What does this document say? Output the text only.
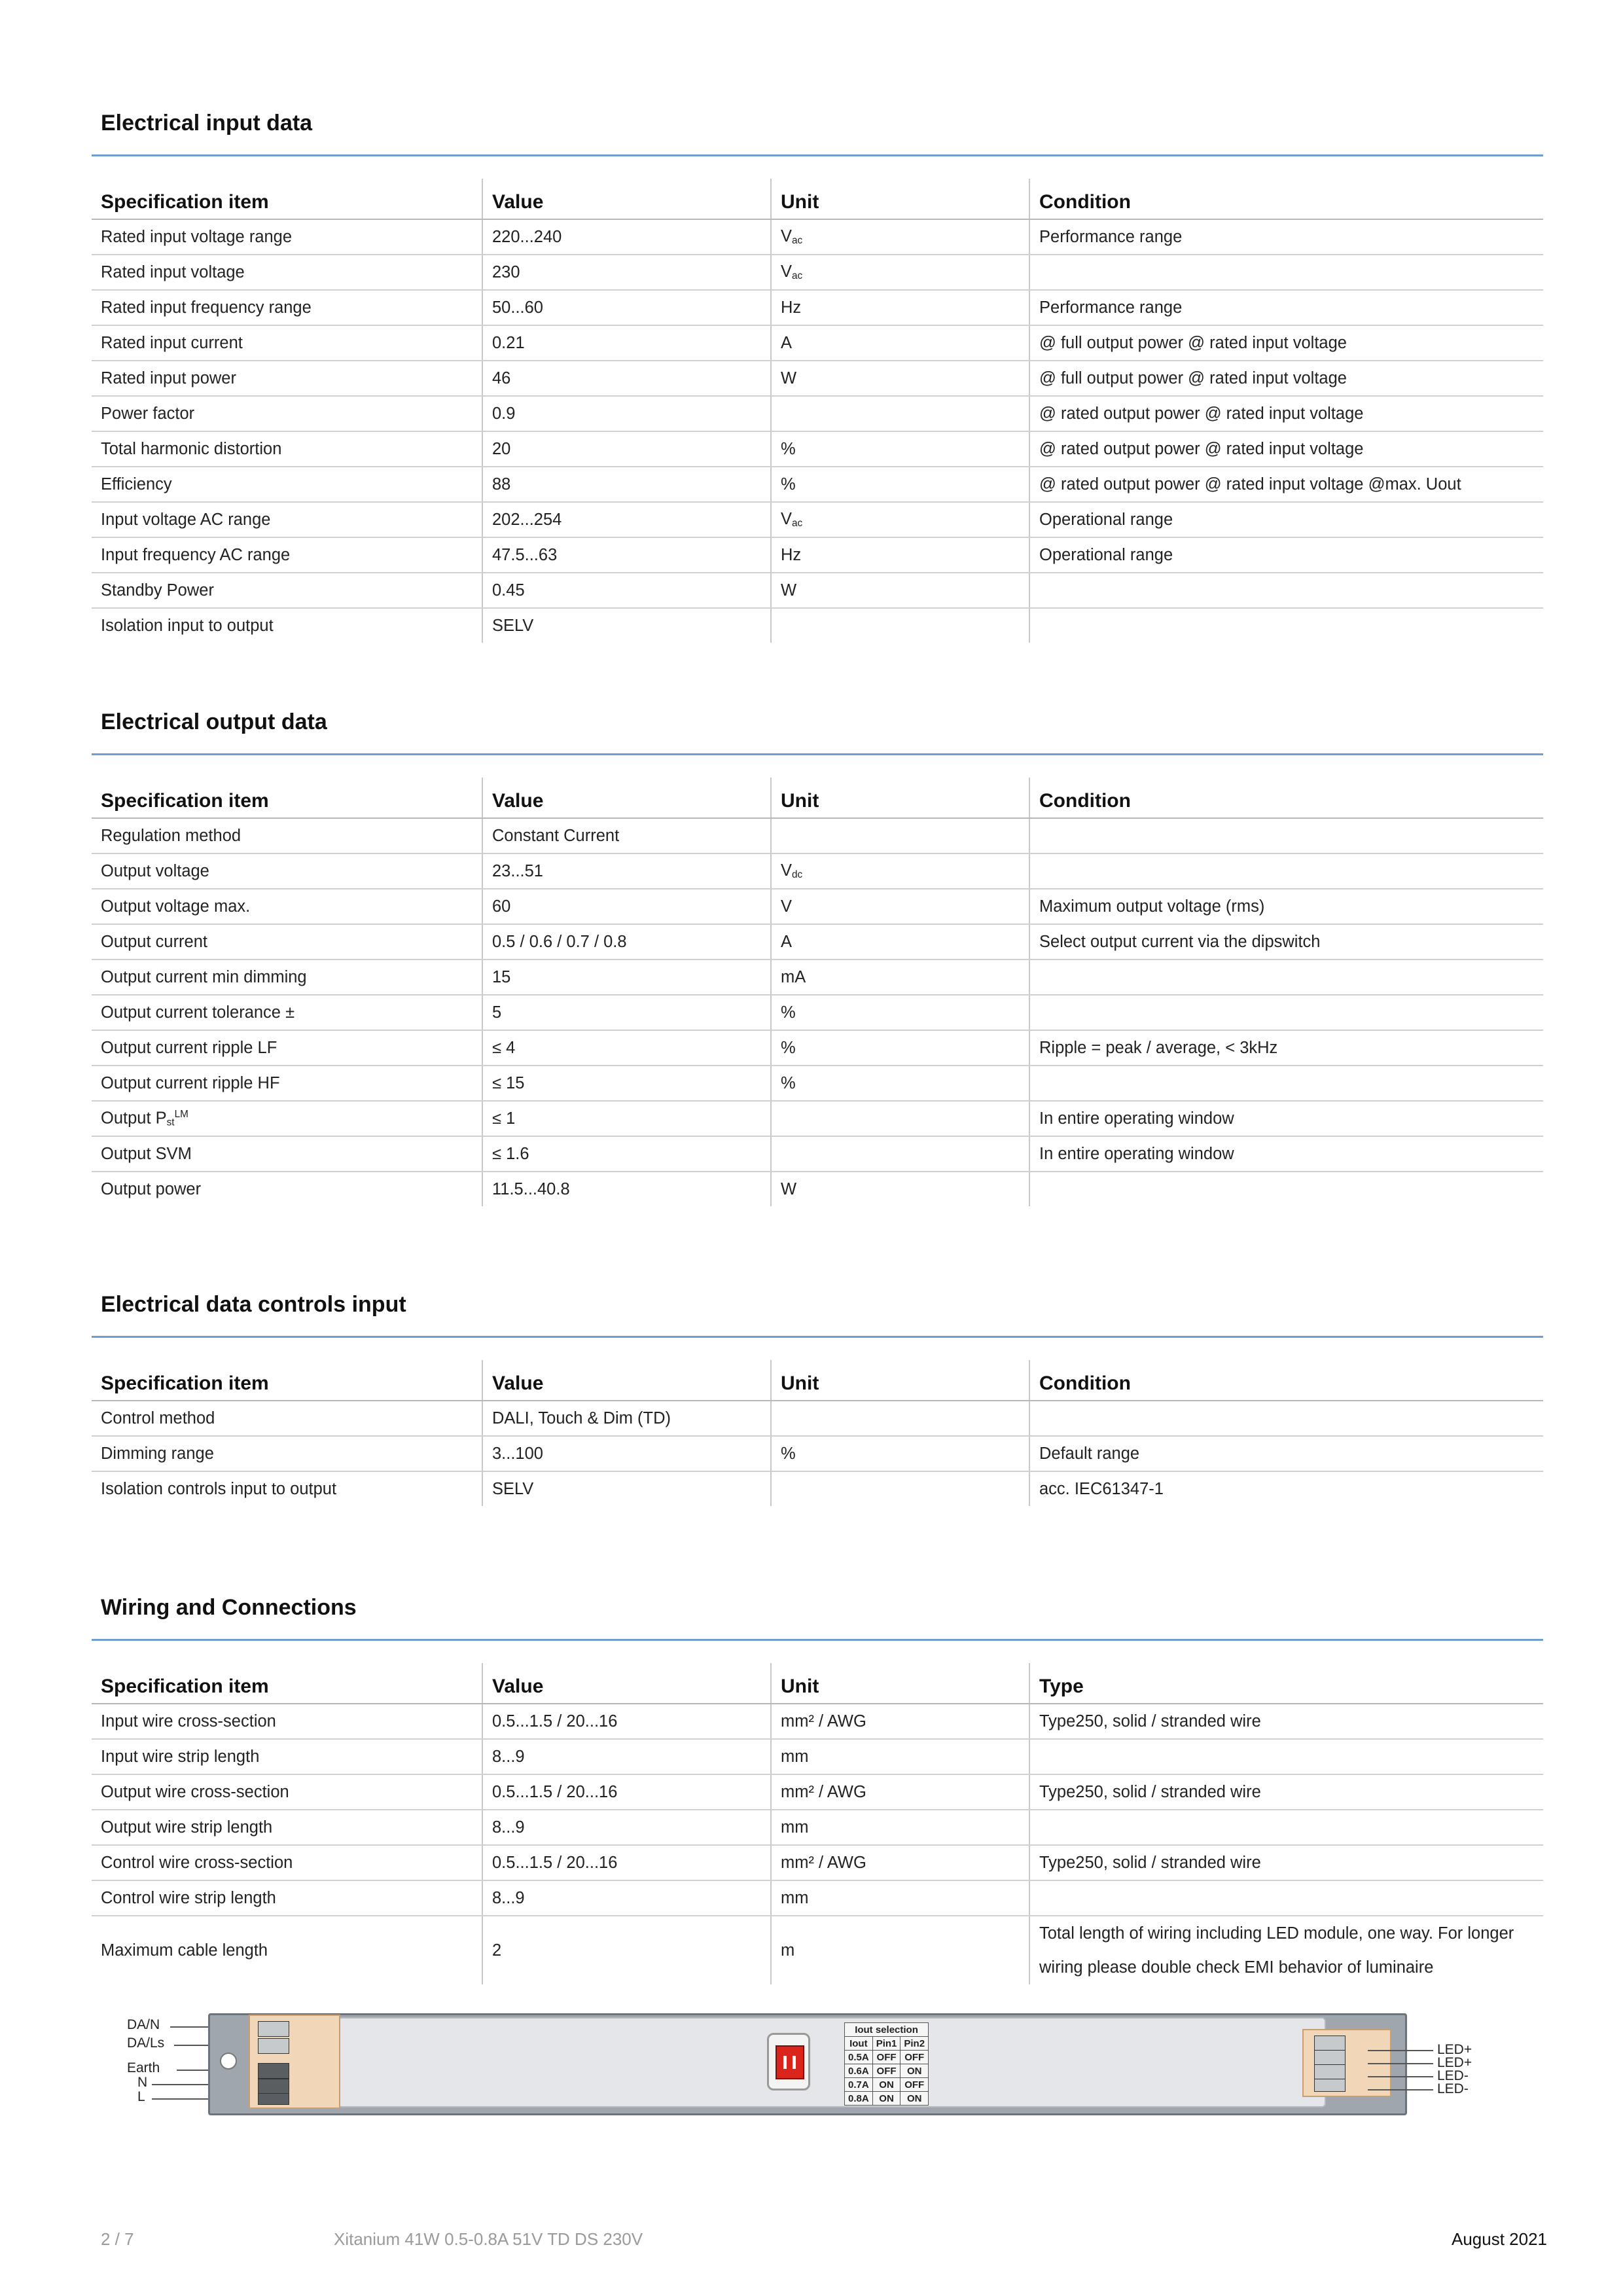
Electrical input data
Specification item	Value	Unit	Condition
Rated input voltage range	220...240	$V_{ac}$	Performance range
Rated input voltage	230	$V_{ac}$	
Rated input frequency range	50...60	Hz	Performance range
Rated input current	0.21	A	@ full output power @ rated input voltage
Rated input power	46	W	@ full output power @ rated input voltage
Power factor	0.9		@ rated output power @ rated input voltage
Total harmonic distortion	20	%	@ rated output power @ rated input voltage
Efficiency	88	%	@ rated output power @ rated input voltage @max. Uout
Input voltage AC range	202...254	$V_{ac}$	Operational range
Input frequency AC range	47.5...63	Hz	Operational range
Standby Power	0.45	W	
Isolation input to output	SELV		
Electrical output data
Specification item	Value	Unit	Condition
Regulation method	Constant Current		
Output voltage	23...51	$V_{dc}$	
Output voltage max.	60	V	Maximum output voltage (rms)
Output current	0.5 / 0.6 / 0.7 / 0.8	A	Select output current via the dipswitch
Output current min dimming	15	mA	
Output current tolerance ±	5	%	
Output current ripple LF	≤ 4	%	Ripple = peak / average, < 3kHz
Output current ripple HF	≤ 15	%	
Output $P_{st}^{LM}$	≤ 1		In entire operating window
Output SVM	≤ 1.6		In entire operating window
Output power	11.5...40.8	W	
Electrical data controls input
Specification item	Value	Unit	Condition
Control method	DALI, Touch & Dim (TD)		
Dimming range	3...100	%	Default range
Isolation controls input to output	SELV		acc. IEC61347-1
Wiring and Connections
Specification item	Value	Unit	Type
Input wire cross-section	0.5...1.5 / 20...16	mm² / AWG	Type250, solid / stranded wire
Input wire strip length	8...9	mm	
Output wire cross-section	0.5...1.5 / 20...16	mm² / AWG	Type250, solid / stranded wire
Output wire strip length	8...9	mm	
Control wire cross-section	0.5...1.5 / 20...16	mm² / AWG	Type250, solid / stranded wire
Control wire strip length	8...9	mm	
Maximum cable length	2	m	Total length of wiring including LED module, one way. For longer wiring please double check EMI behavior of luminaire
DA/N
DA/Ls
Earth
N
L
Iout selection		
Iout	Pin1	Pin2
0.5A	OFF	OFF
0.6A	OFF	ON
0.7A	ON	OFF
0.8A	ON	ON
LED+
LED+
LED-
LED-
2 / 7	Xitanium 41W 0.5-0.8A 51V TD DS 230V	August 2021
